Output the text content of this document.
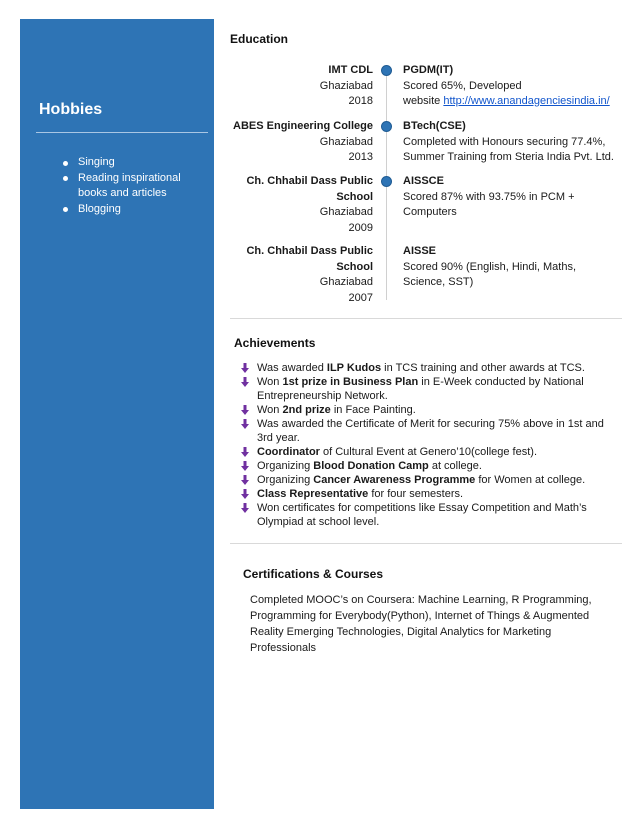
Hobbies
Singing
Reading inspirational books and articles
Blogging
Education
IMT CDL
Ghaziabad
2018
PGDM(IT)
Scored 65%, Developed website http://www.anandagenciesindia.in/
ABES Engineering College
Ghaziabad
2013
BTech(CSE)
Completed with Honours securing 77.4%, Summer Training from Steria India Pvt. Ltd.
Ch. Chhabil Dass Public School
Ghaziabad
2009
AISSCE
Scored 87% with 93.75% in PCM + Computers
Ch. Chhabil Dass Public School
Ghaziabad
2007
AISSE
Scored 90% (English, Hindi, Maths, Science, SST)
Achievements
Was awarded ILP Kudos in TCS training and other awards at TCS.
Won 1st prize in Business Plan in E-Week conducted by National Entrepreneurship Network.
Won 2nd prize in Face Painting.
Was awarded the Certificate of Merit for securing 75% above in 1st and 3rd year.
Coordinator of Cultural Event at Genero’10(college fest).
Organizing Blood Donation Camp at college.
Organizing Cancer Awareness Programme for Women at college.
Class Representative for four semesters.
Won certificates for competitions like Essay Competition and Math’s Olympiad at school level.
Certifications & Courses
Completed MOOC’s on Coursera: Machine Learning, R Programming, Programming for Everybody(Python), Internet of Things & Augmented Reality Emerging Technologies, Digital Analytics for Marketing Professionals
